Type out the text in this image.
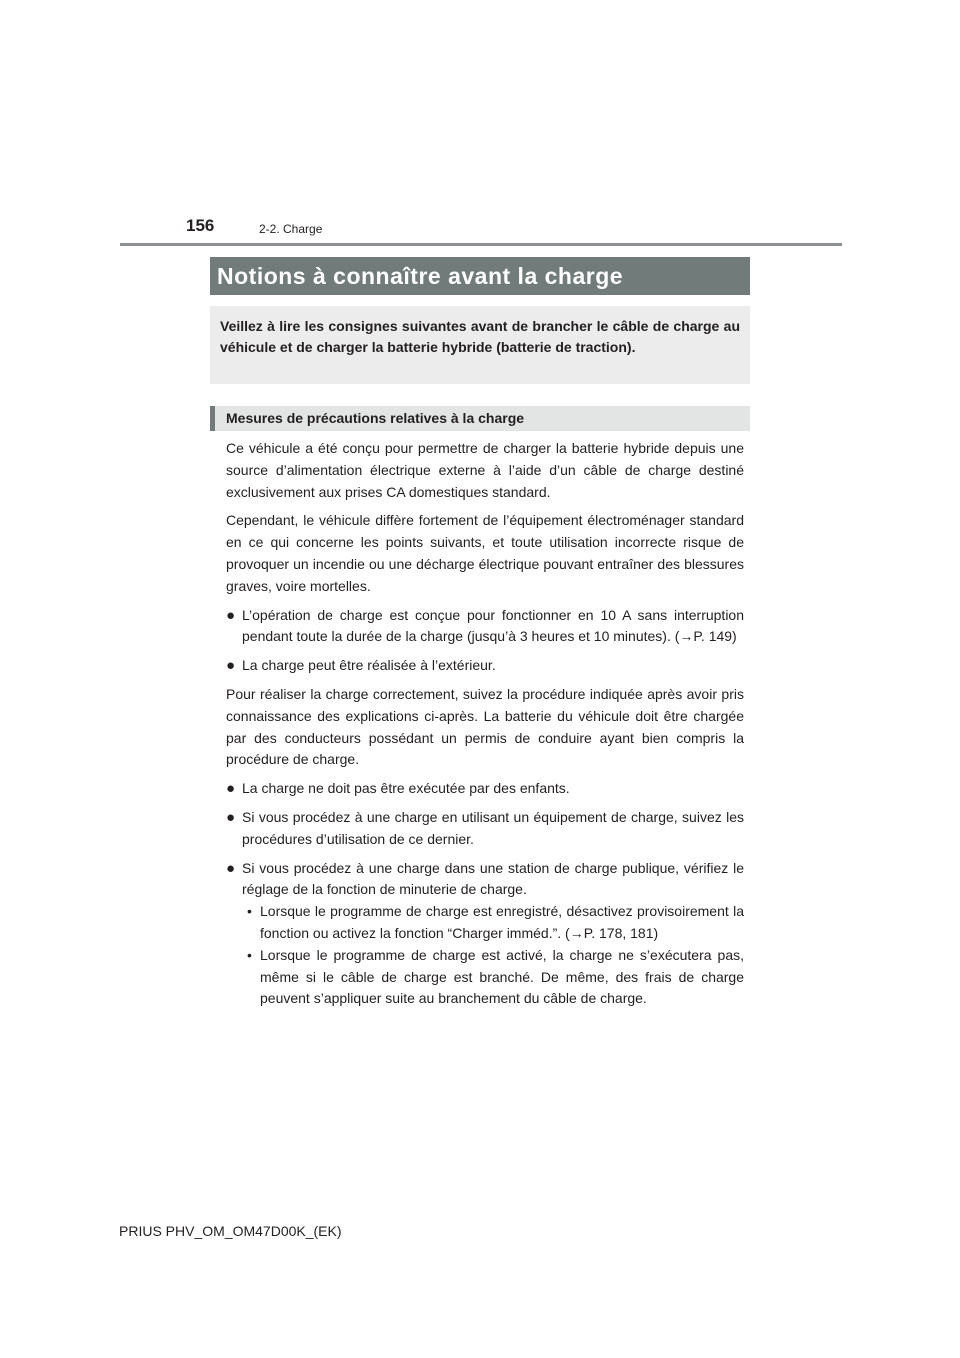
156	2-2. Charge
Notions à connaître avant la charge
Veillez à lire les consignes suivantes avant de brancher le câble de charge au véhicule et de charger la batterie hybride (batterie de traction).
Mesures de précautions relatives à la charge

Ce véhicule a été conçu pour permettre de charger la batterie hybride depuis une source d’alimentation électrique externe à l’aide d’un câble de charge destiné exclusivement aux prises CA domestiques standard.

Cependant, le véhicule diffère fortement de l’équipement électroménager standard en ce qui concerne les points suivants, et toute utilisation incorrecte risque de provoquer un incendie ou une décharge électrique pouvant entraîner des blessures graves, voire mortelles.

● L’opération de charge est conçue pour fonctionner en 10 A sans interruption pendant toute la durée de la charge (jusqu’à 3 heures et 10 minutes). (→P. 149)
● La charge peut être réalisée à l’extérieur.

Pour réaliser la charge correctement, suivez la procédure indiquée après avoir pris connaissance des explications ci-après. La batterie du véhicule doit être chargée par des conducteurs possédant un permis de conduire ayant bien compris la procédure de charge.

● La charge ne doit pas être exécutée par des enfants.
● Si vous procédez à une charge en utilisant un équipement de charge, suivez les procédures d’utilisation de ce dernier.
● Si vous procédez à une charge dans une station de charge publique, vérifiez le réglage de la fonction de minuterie de charge.
• Lorsque le programme de charge est enregistré, désactivez provisoirement la fonction ou activez la fonction “Charger imméd.”. (→P. 178, 181)
• Lorsque le programme de charge est activé, la charge ne s’exécutera pas, même si le câble de charge est branché. De même, des frais de charge peuvent s’appliquer suite au branchement du câble de charge.
PRIUS PHV_OM_OM47D00K_(EK)
